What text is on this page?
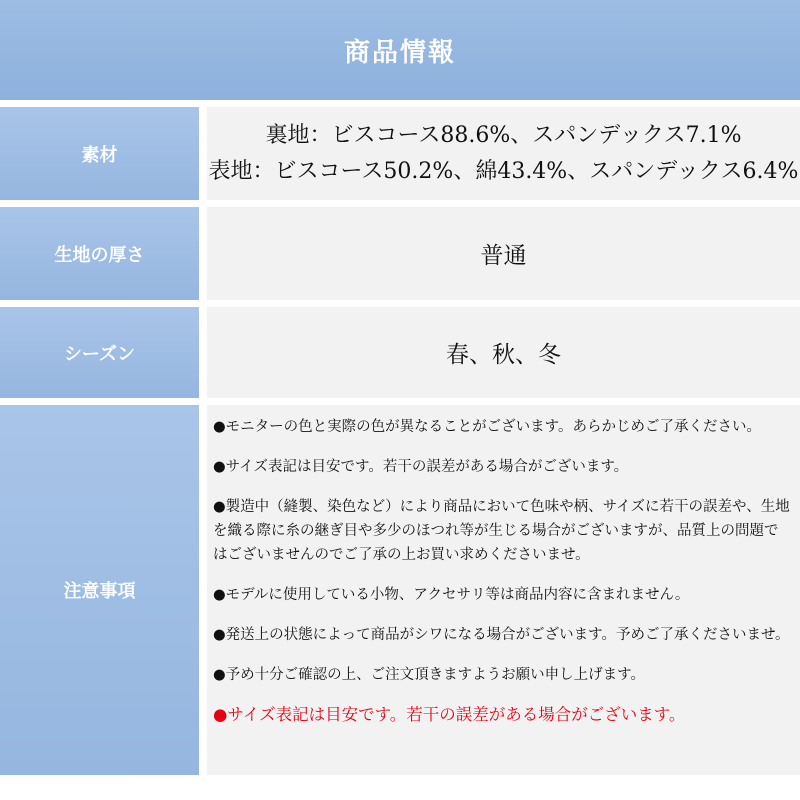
商品情報
素材
裏地：ビスコース88.6%、スパンデックス7.1%
表地：ビスコース50.2%、綿43.4%、スパンデックス6.4%
生地の厚さ	普通
シーズン	春、秋、冬
注意事項
●モニターの色と実際の色が異なることがございます。あらかじめご了承ください。
●サイズ表記は目安です。若干の誤差がある場合がございます。
●製造中（縫製、染色など）により商品において色味や柄、サイズに若干の誤差や、生地を織る際に糸の継ぎ目や多少のほつれ等が生じる場合がございますが、品質上の問題ではございませんのでご了承の上お買い求めくださいませ。
●モデルに使用している小物、アクセサリ等は商品内容に含まれません。
●発送上の状態によって商品がシワになる場合がございます。予めご了承くださいませ。
●予め十分ご確認の上、ご注文頂きますようお願い申し上げます。
●サイズ表記は目安です。若干の誤差がある場合がございます。
